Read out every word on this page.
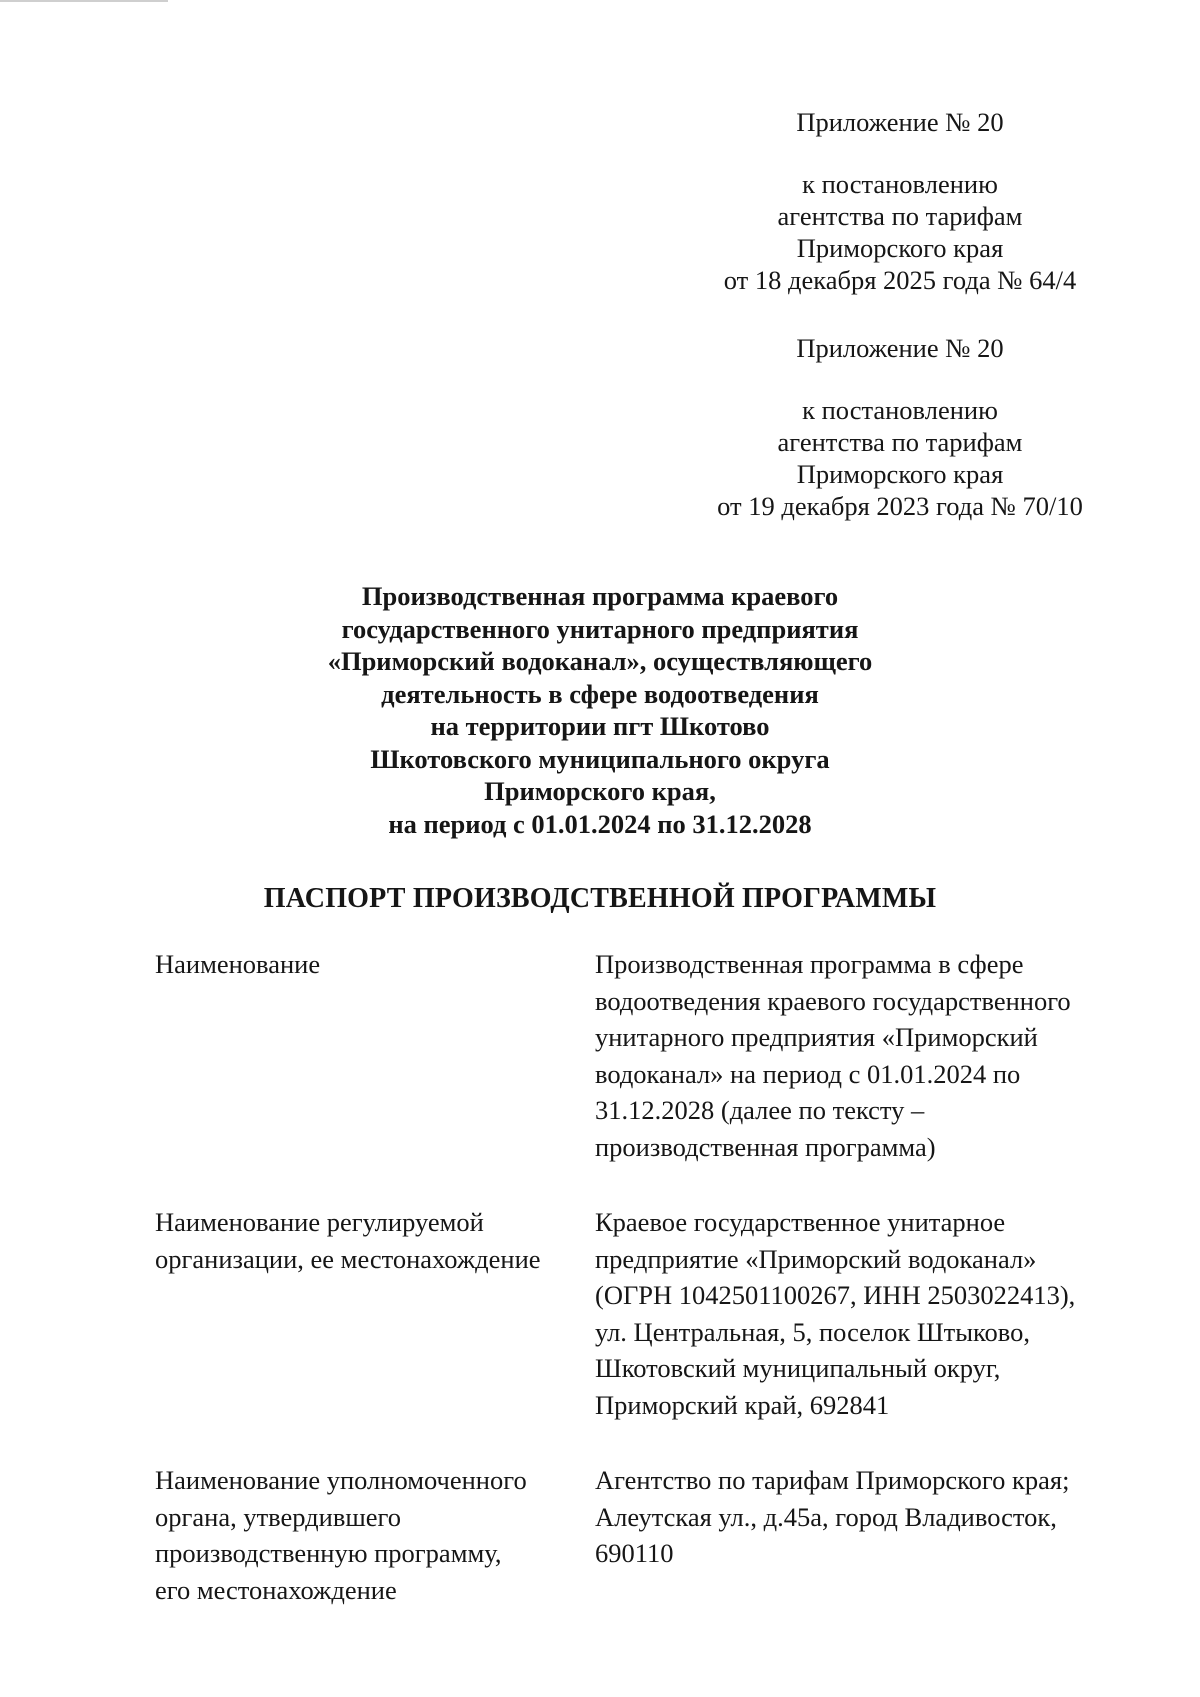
Приложение № 20
к постановлению
агентства по тарифам
Приморского края
от 18 декабря 2025 года № 64/4
Приложение № 20
к постановлению
агентства по тарифам
Приморского края
от 19 декабря 2023 года № 70/10
Производственная программа краевого
государственного унитарного предприятия
«Приморский водоканал», осуществляющего
деятельность в сфере водоотведения
на территории пгт Шкотово
Шкотовского муниципального округа
Приморского края,
на период с 01.01.2024 по 31.12.2028
ПАСПОРТ ПРОИЗВОДСТВЕННОЙ ПРОГРАММЫ
Наименование	Производственная программа в сфере
водоотведения краевого государственного
унитарного предприятия «Приморский
водоканал» на период с 01.01.2024 по
31.12.2028 (далее по тексту –
производственная программа)
Наименование регулируемой
организации, ее местонахождение
Краевое государственное унитарное
предприятие «Приморский водоканал»
(ОГРН 1042501100267, ИНН 2503022413),
ул. Центральная, 5, поселок Штыково,
Шкотовский муниципальный округ,
Приморский край, 692841
Наименование уполномоченного
органа, утвердившего
производственную программу,
его местонахождение
Агентство по тарифам Приморского края;
Алеутская ул., д.45а, город Владивосток,
690110
